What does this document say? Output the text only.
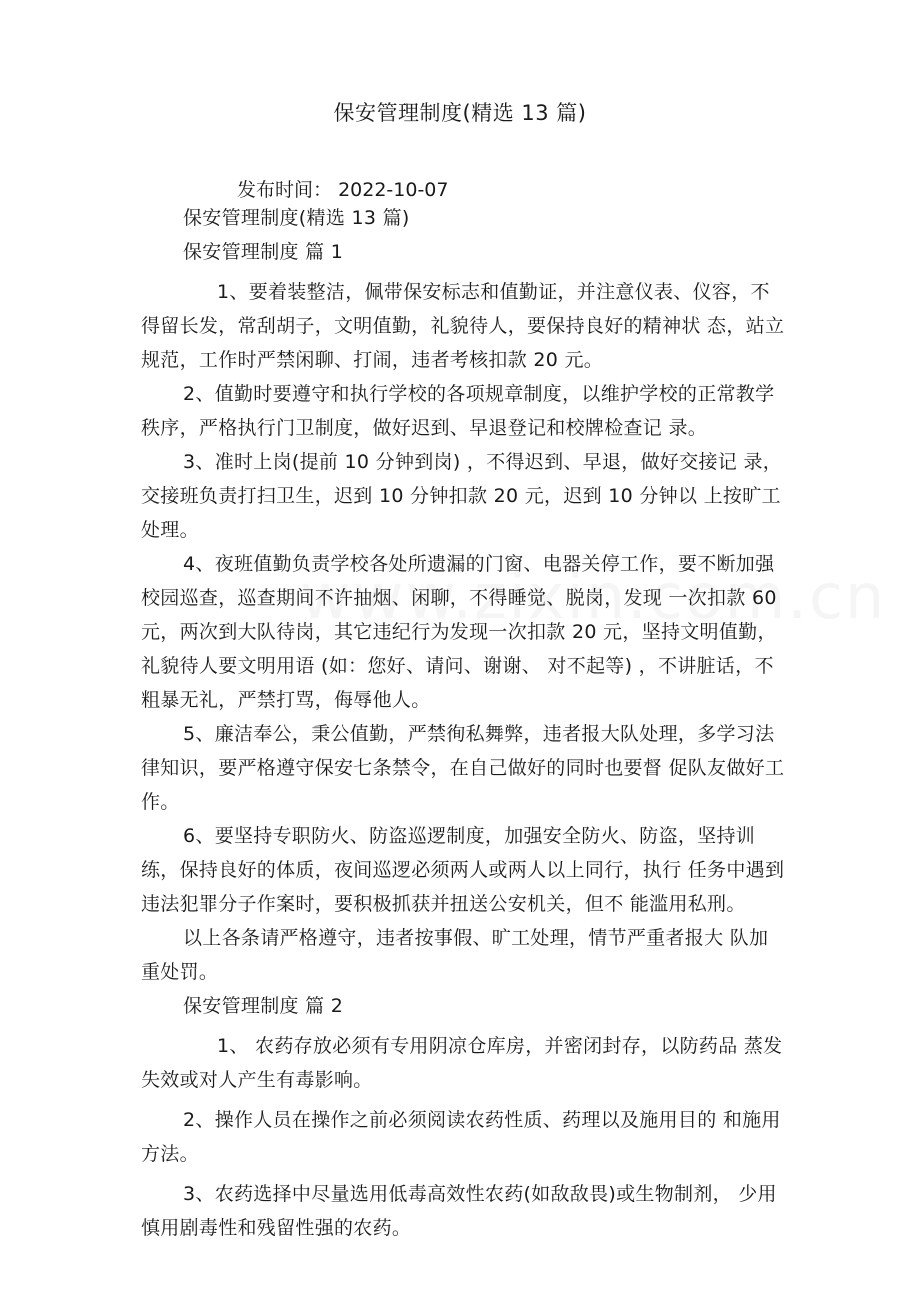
保安管理制度(精选 13 篇)
发布时间： 2022-10-07

保安管理制度(精选 13 篇)

保安管理制度 篇 1

1、要着装整洁，佩带保安标志和值勤证，并注意仪表、仪容，不得留长发，常刮胡子，文明值勤，礼貌待人，要保持良好的精神状 态，站立规范，工作时严禁闲聊、打闹，违者考核扣款 20 元。

2、值勤时要遵守和执行学校的各项规章制度，以维护学校的正常教学秩序，严格执行门卫制度，做好迟到、早退登记和校牌检查记 录。

3、准时上岗(提前 10 分钟到岗) ，不得迟到、早退，做好交接记 录，交接班负责打扫卫生，迟到 10 分钟扣款 20 元，迟到 10 分钟以 上按旷工处理。

4、夜班值勤负责学校各处所遗漏的门窗、电器关停工作，要不断加强校园巡查，巡查期间不许抽烟、闲聊，不得睡觉、脱岗，发现 一次扣款 60 元，两次到大队待岗，其它违纪行为发现一次扣款 20 元，坚持文明值勤，礼貌待人要文明用语 (如：您好、请问、谢谢、 对不起等) ，不讲脏话，不粗暴无礼，严禁打骂，侮辱他人。

5、廉洁奉公，秉公值勤，严禁徇私舞弊，违者报大队处理，多学习法律知识，要严格遵守保安七条禁令，在自己做好的同时也要督 促队友做好工作。

6、要坚持专职防火、防盗巡逻制度，加强安全防火、防盗，坚持训练，保持良好的体质，夜间巡逻必须两人或两人以上同行，执行 任务中遇到违法犯罪分子作案时，要积极抓获并扭送公安机关，但不 能滥用私刑。

以上各条请严格遵守，违者按事假、旷工处理，情节严重者报大 队加重处罚。

保安管理制度 篇 2

1、 农药存放必须有专用阴凉仓库房，并密闭封存，以防药品 蒸发失效或对人产生有毒影响。

2、操作人员在操作之前必须阅读农药性质、药理以及施用目的 和施用方法。

3、农药选择中尽量选用低毒高效性农药(如敌敌畏)或生物制剂， 少用慎用剧毒性和残留性强的农药。
